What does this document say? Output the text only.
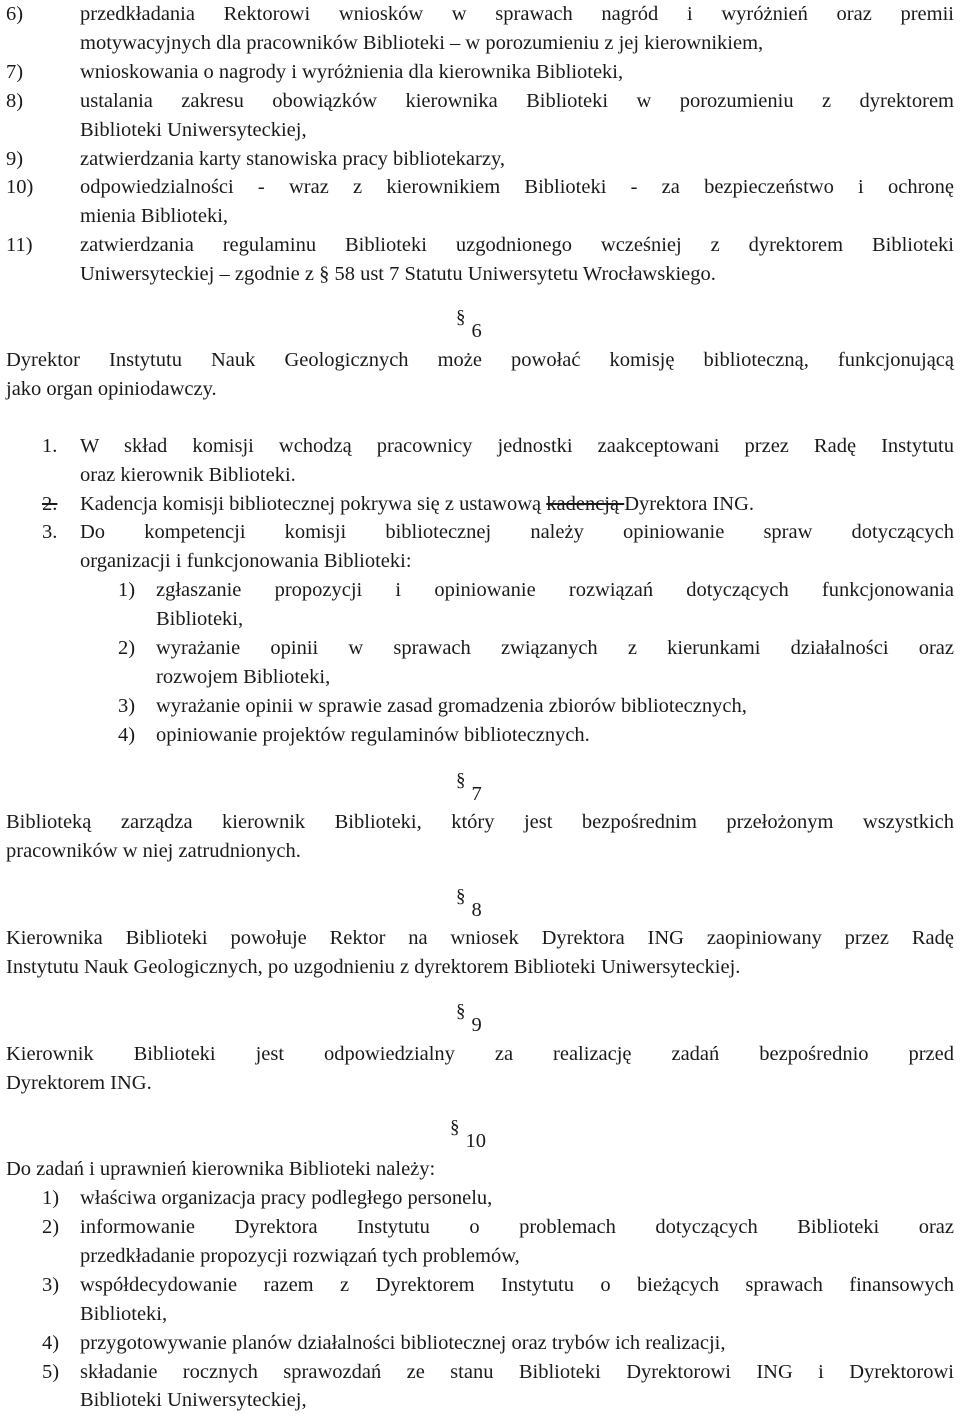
6)	przedkładania Rektorowi wniosków w sprawach nagród i wyróżnień oraz premii
motywacyjnych dla pracowników Biblioteki – w porozumieniu z jej kierownikiem,
7)	wnioskowania o nagrody i wyróżnienia dla kierownika Biblioteki,
8)	ustalania zakresu obowiązków kierownika Biblioteki w porozumieniu z dyrektorem
Biblioteki Uniwersyteckiej,
9)	zatwierdzania karty stanowiska pracy bibliotekarzy,
10) odpowiedzialności - wraz z kierownikiem Biblioteki - za bezpieczeństwo i ochronę
mienia Biblioteki,
11) zatwierdzania regulaminu Biblioteki uzgodnionego wcześniej z dyrektorem Biblioteki
Uniwersyteckiej – zgodnie z § 58 ust 7 Statutu Uniwersytetu Wrocławskiego.
§6
Dyrektor Instytutu Nauk Geologicznych może powołać komisję biblioteczną, funkcjonującą
jako organ opiniodawczy.
1. W skład komisji wchodzą pracownicy jednostki zaakceptowani przez Radę Instytutu
oraz kierownik Biblioteki.
2. Kadencja komisji bibliotecznej pokrywa się z ustawową kadencją Dyrektora ING.
3. Do kompetencji komisji bibliotecznej należy opiniowanie spraw dotyczących
organizacji i funkcjonowania Biblioteki:
1) zgłaszanie propozycji i opiniowanie rozwiązań dotyczących funkcjonowania
Biblioteki,
2) wyrażanie opinii w sprawach związanych z kierunkami działalności oraz
rozwojem Biblioteki,
3) wyrażanie opinii w sprawie zasad gromadzenia zbiorów bibliotecznych,
4) opiniowanie projektów regulaminów bibliotecznych.
§7
Biblioteką zarządza kierownik Biblioteki, który jest bezpośrednim przełożonym wszystkich
pracowników w niej zatrudnionych.
§8
Kierownika Biblioteki powołuje Rektor na wniosek Dyrektora ING zaopiniowany przez Radę
Instytutu Nauk Geologicznych, po uzgodnieniu z dyrektorem Biblioteki Uniwersyteckiej.
§9
Kierownik Biblioteki jest odpowiedzialny za realizację zadań bezpośrednio przed
Dyrektorem ING.
§10
Do zadań i uprawnień kierownika Biblioteki należy:
1) właściwa organizacja pracy podległego personelu,
2) informowanie Dyrektora Instytutu o problemach dotyczących Biblioteki oraz
przedkładanie propozycji rozwiązań tych problemów,
3) współdecydowanie razem z Dyrektorem Instytutu o bieżących sprawach finansowych
Biblioteki,
4) przygotowywanie planów działalności bibliotecznej oraz trybów ich realizacji,
5) składanie rocznych sprawozdań ze stanu Biblioteki Dyrektorowi ING i Dyrektorowi
Biblioteki Uniwersyteckiej,
